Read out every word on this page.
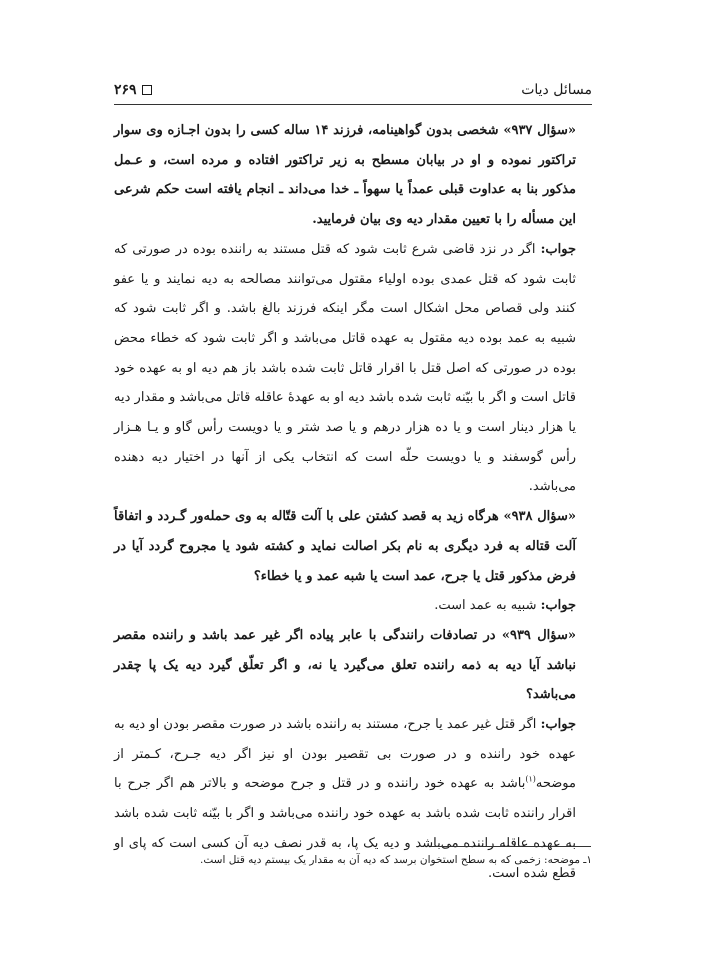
۲۶۹	مسائل دیات

«سؤال ۹۳۷» شخصی بدون گواهینامه، فرزند ۱۴ ساله کسی را بدون اجـازه وی سوار تراکتور نموده و او در بیابان مسطح به زیر تراکتور افتاده و مرده است، و عـمل مذکور بنا به عداوت قبلی عمداً یا سهواً ـ خدا می‌داند ـ انجام یافته است حکم شرعی این مسأله را با تعیین مقدار دیه وی بیان فرمایید.

جواب: اگر در نزد قاضی شرع ثابت شود که قتل مستند به راننده بوده در صورتی که ثابت شود که قتل عمدی بوده اولیاء مقتول می‌توانند مصالحه به دیه نمایند و یا عفو کنند ولی قصاص محل اشکال است مگر اینکه فرزند بالغ باشد. و اگر ثابت شود که شبیه به عمد بوده دیه مقتول به عهده قاتل می‌باشد و اگر ثابت شود که خطاء محض بوده در صورتی که اصل قتل با اقرار قاتل ثابت شده باشد باز هم دیه او به عهده خود قاتل است و اگر با بیّنه ثابت شده باشد دیه او به عهدهٔ عاقله قاتل می‌باشد و مقدار دیه یا هزار دینار است و یا ده هزار درهم و یا صد شتر و یا دویست رأس گاو و یـا هـزار رأس گوسفند و یا دویست حلّه است که انتخاب یکی از آنها در اختیار دیه دهنده می‌باشد.

«سؤال ۹۳۸» هرگاه زید به قصد کشتن علی با آلت قتّاله به وی حمله‌ور گـردد و اتفاقاً آلت قتاله به فرد دیگری به نام بکر اصالت نماید و کشته شود یا مجروح گردد آیا در فرض مذکور قتل یا جرح، عمد است یا شبه عمد و یا خطاء؟

جواب: شبیه به عمد است.

«سؤال ۹۳۹» در تصادفات رانندگی با عابر پیاده اگر غیر عمد باشد و راننده مقصر نباشد آیا دیه به ذمه راننده تعلق می‌گیرد یا نه، و اگر تعلّق گیرد دیه یک پا چقدر می‌باشد؟

جواب: اگر قتل غیر عمد یا جرح، مستند به راننده باشد در صورت مقصر بودن او دیه به عهده خود راننده و در صورت بی تقصیر بودن او نیز اگر دیه جـرح، کـمتر از موضحه$^{(۱)}$باشد به عهده خود راننده و در قتل و جرح موضحه و بالاتر هم اگر جرح با اقرار راننده ثابت شده باشد به عهده خود راننده می‌باشد و اگر با بیّنه ثابت شده باشد به عهده عاقله راننده می‌باشد و دیه یک پا، به قدر نصف دیه آن کسی است که پای او قطع شده است.

۱ـ موضحه: زخمی که به سطح استخوان برسد که دیه آن به مقدار یک بیستم دیه قتل است.
